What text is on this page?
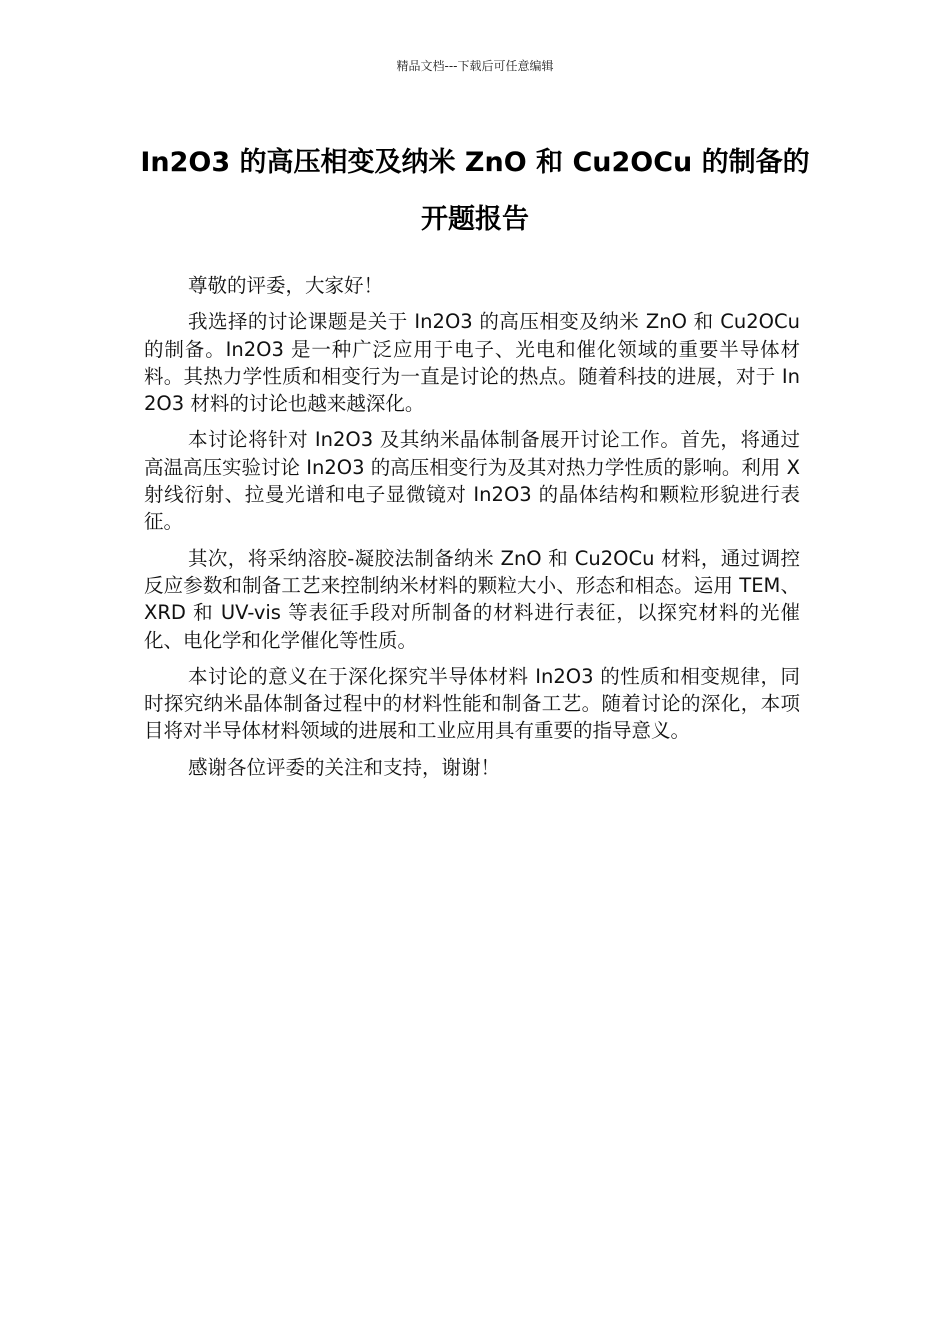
精品文档---下载后可任意编辑
In2O3 的高压相变及纳米 ZnO 和 Cu2OCu 的制备的
开题报告

尊敬的评委，大家好！

我选择的讨论课题是关于 In2O3 的高压相变及纳米 ZnO 和 Cu2OCu 的制备。In2O3 是一种广泛应用于电子、光电和催化领域的重要半导体材料。其热力学性质和相变行为一直是讨论的热点。随着科技的进展，对于 In2O3 材料的讨论也越来越深化。

本讨论将针对 In2O3 及其纳米晶体制备展开讨论工作。首先，将通过高温高压实验讨论 In2O3 的高压相变行为及其对热力学性质的影响。利用 X 射线衍射、拉曼光谱和电子显微镜对 In2O3 的晶体结构和颗粒形貌进行表征。

其次，将采纳溶胶-凝胶法制备纳米 ZnO 和 Cu2OCu 材料，通过调控反应参数和制备工艺来控制纳米材料的颗粒大小、形态和相态。运用 TEM、XRD 和 UV-vis 等表征手段对所制备的材料进行表征，以探究材料的光催化、电化学和化学催化等性质。

本讨论的意义在于深化探究半导体材料 In2O3 的性质和相变规律，同时探究纳米晶体制备过程中的材料性能和制备工艺。随着讨论的深化，本项目将对半导体材料领域的进展和工业应用具有重要的指导意义。

感谢各位评委的关注和支持，谢谢！
